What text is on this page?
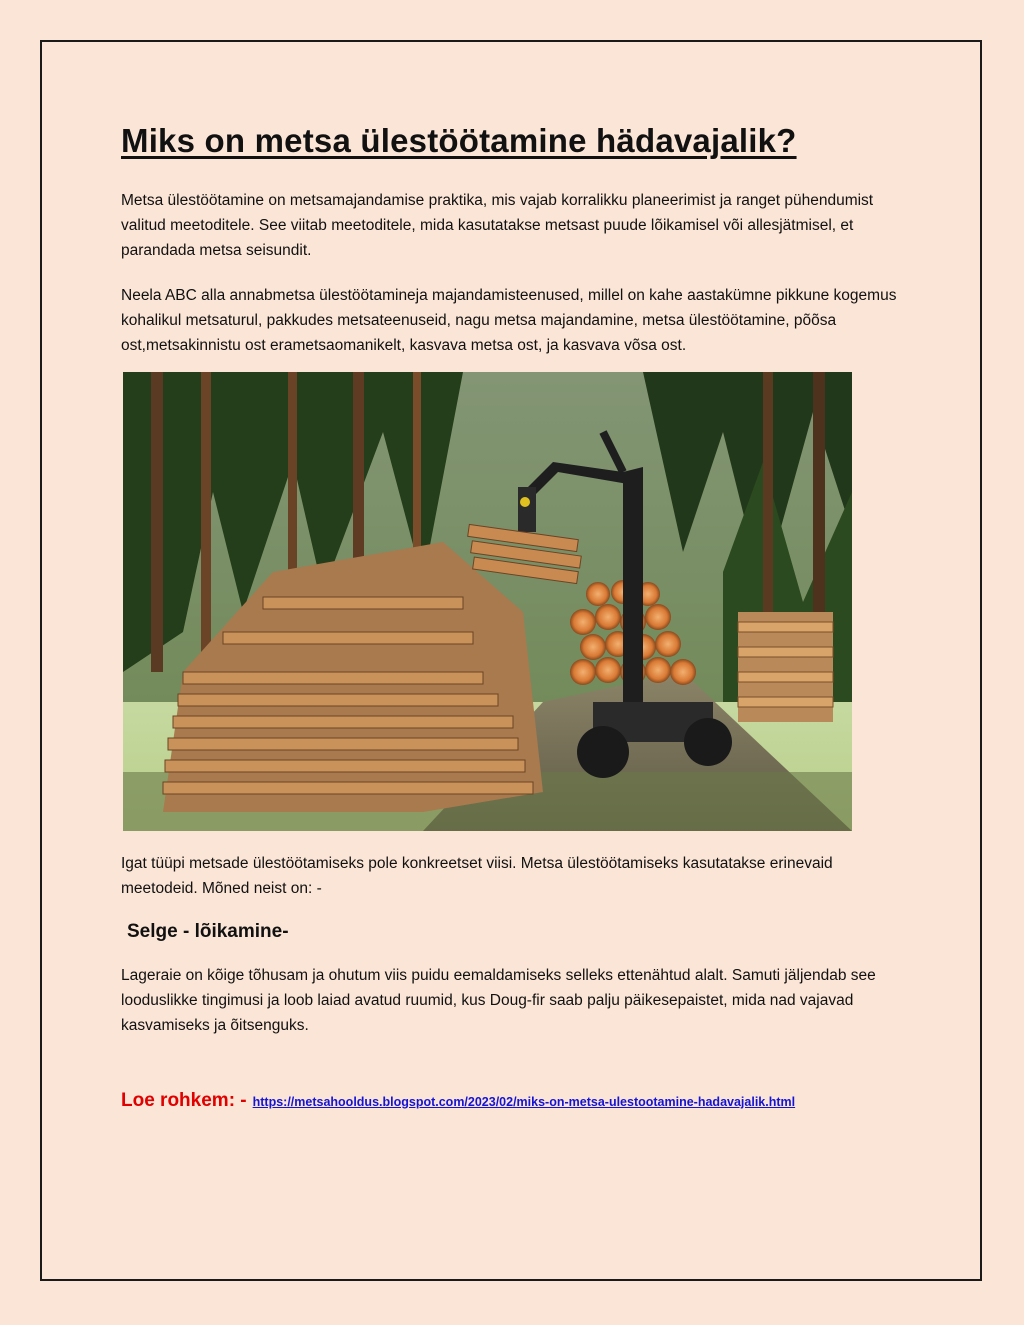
Miks on metsa ülestöötamine hädavajalik?

Metsa ülestöötamine on metsamajandamise praktika, mis vajab korralikku planeerimist ja ranget pühendumist valitud meetoditele. See viitab meetoditele, mida kasutatakse metsast puude lõikamisel või allesjätmisel, et parandada metsa seisundit.

Neela ABC alla annabmetsa ülestöötamineja majandamisteenused, millel on kahe aastakümne pikkune kogemus kohalikul metsaturul, pakkudes metsateenuseid, nagu metsa majandamine, metsa ülestöötamine, põõsa ost,metsakinnistu ost erametsaomanikelt, kasvava metsa ost, ja kasvava võsa ost.

Igat tüüpi metsade ülestöötamiseks pole konkreetset viisi. Metsa ülestöötamiseks kasutatakse erinevaid meetodeid. Mõned neist on: -

Selge - lõikamine-

Lageraie on kõige tõhusam ja ohutum viis puidu eemaldamiseks selleks ettenähtud alalt. Samuti jäljendab see looduslikke tingimusi ja loob laiad avatud ruumid, kus Doug-fir saab palju päikesepaistet, mida nad vajavad kasvamiseks ja õitsenguks.

Loe rohkem: - https://metsahooldus.blogspot.com/2023/02/miks-on-metsa-ulestootamine-hadavajalik.html
